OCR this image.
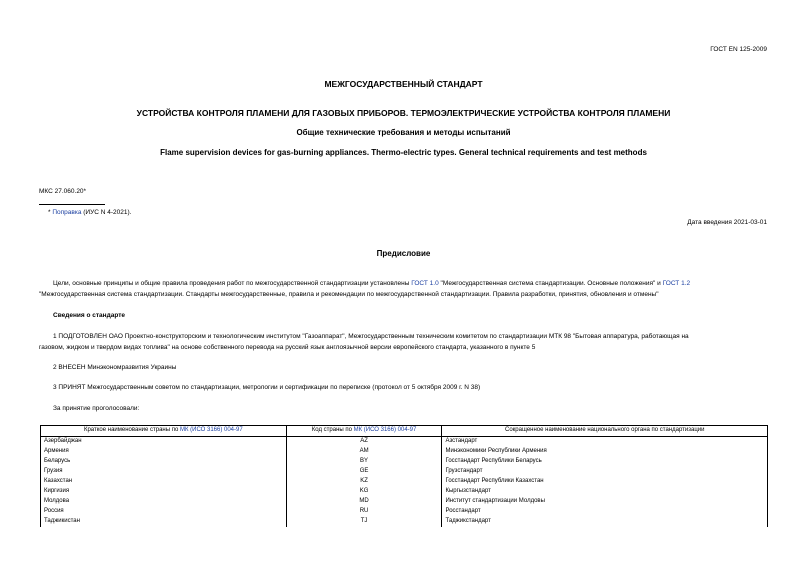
ГОСТ EN 125-2009
МЕЖГОСУДАРСТВЕННЫЙ СТАНДАРТ
УСТРОЙСТВА КОНТРОЛЯ ПЛАМЕНИ ДЛЯ ГАЗОВЫХ ПРИБОРОВ. ТЕРМОЭЛЕКТРИЧЕСКИЕ УСТРОЙСТВА КОНТРОЛЯ ПЛАМЕНИ
Общие технические требования и методы испытаний
Flame supervision devices for gas-burning appliances. Thermo-electric types. General technical requirements and test methods
МКС 27.060.20*
* Поправка (ИУС N 4-2021).
Дата введения 2021-03-01
Предисловие
Цели, основные принципы и общие правила проведения работ по межгосударственной стандартизации установлены ГОСТ 1.0 "Межгосударственная система стандартизации. Основные положения" и ГОСТ 1.2
"Межгосударственная система стандартизации. Стандарты межгосударственные, правила и рекомендации по межгосударственной стандартизации. Правила разработки, принятия, обновления и отмены"
Сведения о стандарте
1 ПОДГОТОВЛЕН ОАО Проектно-конструкторским и технологическим институтом "Газоаппарат", Межгосударственным техническим комитетом по стандартизации МТК 98 "Бытовая аппаратура, работающая на
газовом, жидком и твердом видах топлива" на основе собственного перевода на русский язык англоязычной версии европейского стандарта, указанного в пункте 5
2 ВНЕСЕН Минэкономразвития Украины
3 ПРИНЯТ Межгосударственным советом по стандартизации, метрологии и сертификации по переписке (протокол от 5 октября 2009 г. N 38)
За принятие проголосовали:
Краткое наименование страны по МК (ИСО 3166) 004-97	Код страны по МК (ИСО 3166) 004-97	Сокращенное наименование национального органа по стандартизации
Азербайджан	AZ	Азстандарт
Армения	AM	Минэкономики Республики Армения
Беларусь	BY	Госстандарт Республики Беларусь
Грузия	GE	Грузстандарт
Казахстан	KZ	Госстандарт Республики Казахстан
Киргизия	KG	Кыргызстандарт
Молдова	MD	Институт стандартизации Молдовы
Россия	RU	Росстандарт
Таджикистан	TJ	Таджикстандарт
